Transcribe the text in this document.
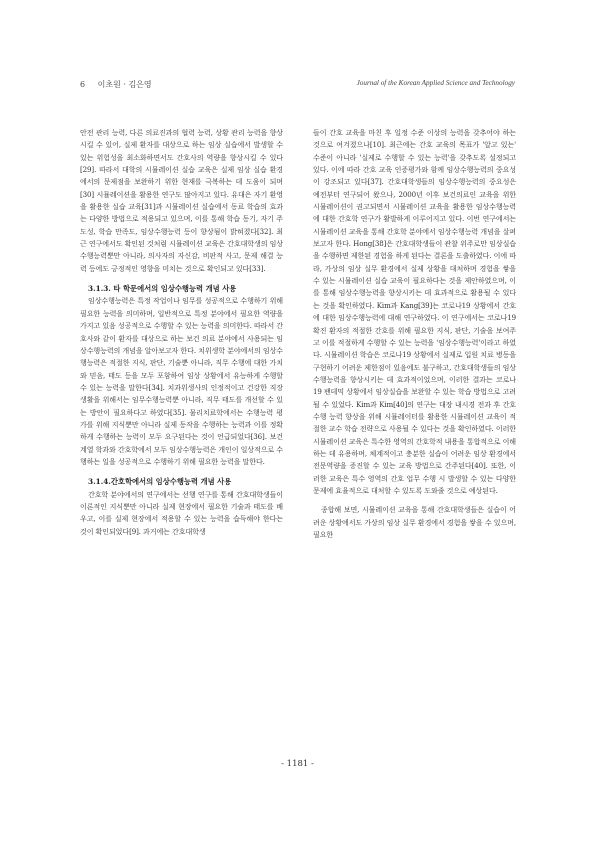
6 이초원 · 김은영	Journal of the Korean Applied Science and Technology

안전 관리 능력, 다른 의료진과의 협력 능력, 상황 관리 능력을 향상시킬 수 있어, 실제 환자를 대상으로 하는 임상 실습에서 발생할 수 있는 위험성을 최소화하면서도 간호사의 역량을 향상시킬 수 있다[29]. 따라서 대학의 시뮬레이션 실습 교육은 실제 임상 실습 환경에서의 문제점을 보완하기 위한 현재를 극복하는 데 도움이 되며[30] 시뮬레이션을 활용한 연구도 많아지고 있다. 유대은 자기 환영을 활용한 실습 교육[31]과 시뮬레이션 실습에서 동료 학습의 효과는 다양한 방법으로 적용되고 있으며, 이를 통해 학습 동기, 자기 주도성, 학습 만족도, 임상수행능력 등이 향상됨이 밝혀졌다[32]. 최근 연구에서도 확인된 것처럼 시뮬레이션 교육은 간호대학생의 임상수행능력뿐만 아니라, 의사자의 자신감, 비판적 사고, 문제 해결 능력 등에도 긍정적인 영향을 미치는 것으로 확인되고 있다[33].

3.1.3. 타 학문에서의 임상수행능력 개념 사용

임상수행능력은 특정 작업이나 임무를 성공적으로 수행하기 위해 필요한 능력을 의미하며, 일반적으로 특정 분야에서 필요한 역량을 가지고 있음 성공적으로 수행할 수 있는 능력을 의미한다. 따라서 간호사와 같이 환자를 대상으로 하는 보건 의료 분야에서 사용되는 임상수행능력의 개념을 알아보고자 한다. 치위생학 분야에서의 임상수행능력은 적절한 지식, 판단, 기술뿐 아니라, 직무 수행에 대한 가치와 믿음, 태도 등을 모두 포함하여 임상 상황에서 유능하게 수행할 수 있는 능력을 말한다[34]. 치과위생사의 인정적이고 건강한 직장생활을 위해서는 임무수행능력뿐 아니라, 직무 태도를 개선할 수 있는 방안이 필요하다고 하였다[35]. 물리치료학에서는 수행능력 평가를 위해 지식뿐만 아니라 실제 동작을 수행하는 능력과 이를 정확하게 수행하는 능력이 모두 요구된다는 것이 언급되었다[36]. 보건계열 학과와 간호학에서 모두 임상수행능력은 개인이 일상적으로 수행하는 일을 성공적으로 수행하기 위해 필요한 능력을 말한다.

3.1.4.간호학에서의 임상수행능력 개념 사용

간호학 분야에서의 연구에서는 선행 연구를 통해 간호대학생들이 이론적인 지식뿐만 아니라 실제 현장에서 필요한 기술과 태도를 배우고, 이를 실제 현장에서 적용할 수 있는 능력을 습득해야 한다는 것이 확인되었다[9]. 과거에는 간호대학생

들이 간호 교육을 마친 후 일정 수준 이상의 능력을 갖추어야 하는 것으로 여겨졌으나[10]. 최근에는 간호 교육의 목표가 '알고 있는' 수준이 아니라 '실제로 수행할 수 있는 능력'을 갖추도록 설정되고 있다. 이에 따라 간호 교육 인증평가와 함께 임상수행능력의 중요성이 강조되고 있다[37]. 간호대학생들의 임상수행능력의 중요성은 예전부터 연구되어 왔으나, 2000년 이후 보건의료인 교육을 위한 시뮬레이션이 권고되면서 시뮬레이션 교육을 활용한 임상수행능력에 대한 간호학 연구가 활발하게 이루어지고 있다. 이번 연구에서는 시뮬레이션 교육을 통해 간호학 분야에서 임상수행능력 개념을 살펴보고자 한다. Hong[38]은 간호대학생들이 관찰 위주로만 임상실습을 수행하면 제한된 경험을 하게 된다는 결론을 도출하였다. 이에 따라, 가상의 임상 실무 환경에서 실제 상황을 대처하며 경험을 쌓을 수 있는 시뮬레이션 실습 교육이 필요하다는 것을 제안하였으며, 이를 통해 임상수행능력을 향상시키는 데 효과적으로 활용될 수 있다는 것을 확인하였다. Kim과 Kang[39]는 코로나19 상황에서 간호에 대한 임상수행능력에 대해 연구하였다. 이 연구에서는 코로나19 확진 환자의 적절한 간호를 위해 필요한 지식, 판단, 기술을 보여주고 이를 적절하게 수행할 수 있는 능력을 '임상수행능력'이라고 하였다. 시뮬레이션 학습은 코로나19 상황에서 실제로 입원 치료 병동을 구현하기 어려운 제한점이 있음에도 불구하고, 간호대학생들의 임상수행능력을 향상시키는 데 효과적이었으며, 이러한 결과는 코로나19 팬데믹 상황에서 임상실습을 보완할 수 있는 학습 방법으로 고려될 수 있었다. Kim과 Kim[40]의 연구는 대장 내시경 전과 후 간호 수행 능력 향상을 위해 시뮬레이터를 활용한 시뮬레이션 교육이 적절한 교수 학습 전략으로 사용될 수 있다는 것을 확인하였다. 이러한 시뮬레이션 교육은 특수한 영역의 간호학적 내용을 통합적으로 이해하는 데 유용하며, 체계적이고 충분한 실습이 어려운 임상 환경에서 전문역량을 증진할 수 있는 교육 방법으로 간주된다[40]. 또한, 이러한 교육은 특수 영역의 간호 업무 수행 시 발생할 수 있는 다양한 문제에 효율적으로 대처할 수 있도록 도와줄 것으로 예상된다.

종합해 보면, 시뮬레이션 교육을 통해 간호대학생들은 실습이 어려운 상황에서도 가상의 임상 실무 환경에서 경험을 쌓을 수 있으며, 필요한

- 1181 -
